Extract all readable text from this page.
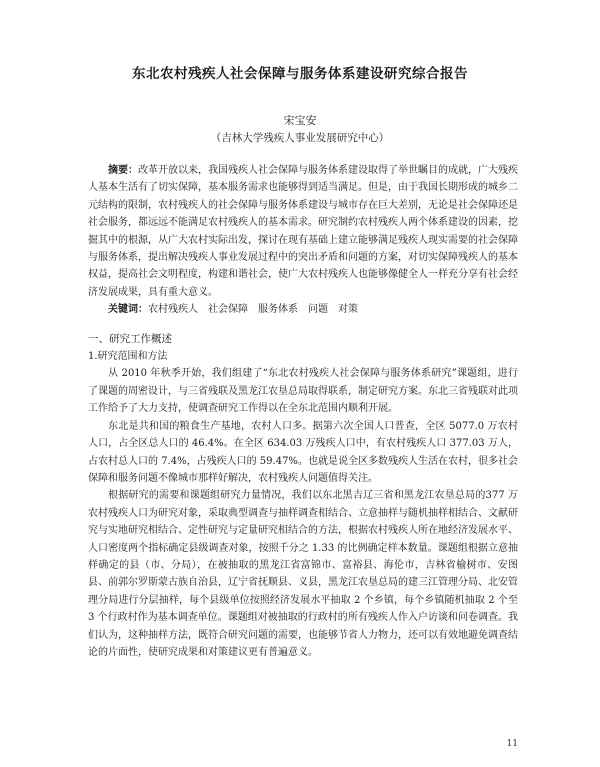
东北农村残疾人社会保障与服务体系建设研究综合报告
宋宝安
（吉林大学残疾人事业发展研究中心）

摘要：改革开放以来，我国残疾人社会保障与服务体系建设取得了举世瞩目的成就，广大残疾人基本生活有了切实保障，基本服务需求也能够得到适当满足。但是，由于我国长期形成的城乡二元结构的限制，农村残疾人的社会保障与服务体系建设与城市存在巨大差别，无论是社会保障还是社会服务，都远远不能满足农村残疾人的基本需求。研究制约农村残疾人两个体系建设的因素，挖掘其中的根源，从广大农村实际出发，探讨在现有基础上建立能够满足残疾人现实需要的社会保障与服务体系，提出解决残疾人事业发展过程中的突出矛盾和问题的方案，对切实保障残疾人的基本权益，提高社会文明程度，构建和谐社会，使广大农村残疾人也能够像健全人一样充分享有社会经济发展成果，具有重大意义。

关键词：农村残疾人　社会保障　服务体系　问题　对策

一、研究工作概述

1.研究范围和方法

从 2010 年秋季开始，我们组建了“东北农村残疾人社会保障与服务体系研究”课题组，进行了课题的周密设计，与三省残联及黑龙江农垦总局取得联系，制定研究方案。东北三省残联对此项工作给予了大力支持，使调查研究工作得以在全东北范围内顺利开展。

东北是共和国的粮食生产基地，农村人口多。据第六次全国人口普查，全区 5077.0 万农村人口，占全区总人口的 46.4%。在全区 634.03 万残疾人口中，有农村残疾人口 377.03 万人，占农村总人口的 7.4%，占残疾人口的 59.47%。也就是说全区多数残疾人生活在农村，很多社会保障和服务问题不像城市那样好解决，农村残疾人问题值得关注。

根据研究的需要和课题组研究力量情况，我们以东北黑吉辽三省和黑龙江农垦总局的377 万农村残疾人口为研究对象，采取典型调查与抽样调查相结合、立意抽样与随机抽样相结合、文献研究与实地研究相结合、定性研究与定量研究相结合的方法，根据农村残疾人所在地经济发展水平、人口密度两个指标确定县级调查对象，按照千分之 1.33 的比例确定样本数量。课题组根据立意抽样确定的县（市、分局），在被抽取的黑龙江省富锦市、富裕县、海伦市，吉林省榆树市、安图县、前郭尔罗斯蒙古族自治县，辽宁省抚顺县、义县，黑龙江农垦总局的建三江管理分局、北安管理分局进行分层抽样，每个县级单位按照经济发展水平抽取 2 个乡镇，每个乡镇随机抽取 2 个至 3 个行政村作为基本调查单位。课题组对被抽取的行政村的所有残疾人作入户访谈和问卷调查。我们认为，这种抽样方法，既符合研究问题的需要，也能够节省人力物力，还可以有效地避免调查结论的片面性，使研究成果和对策建议更有普遍意义。

11
